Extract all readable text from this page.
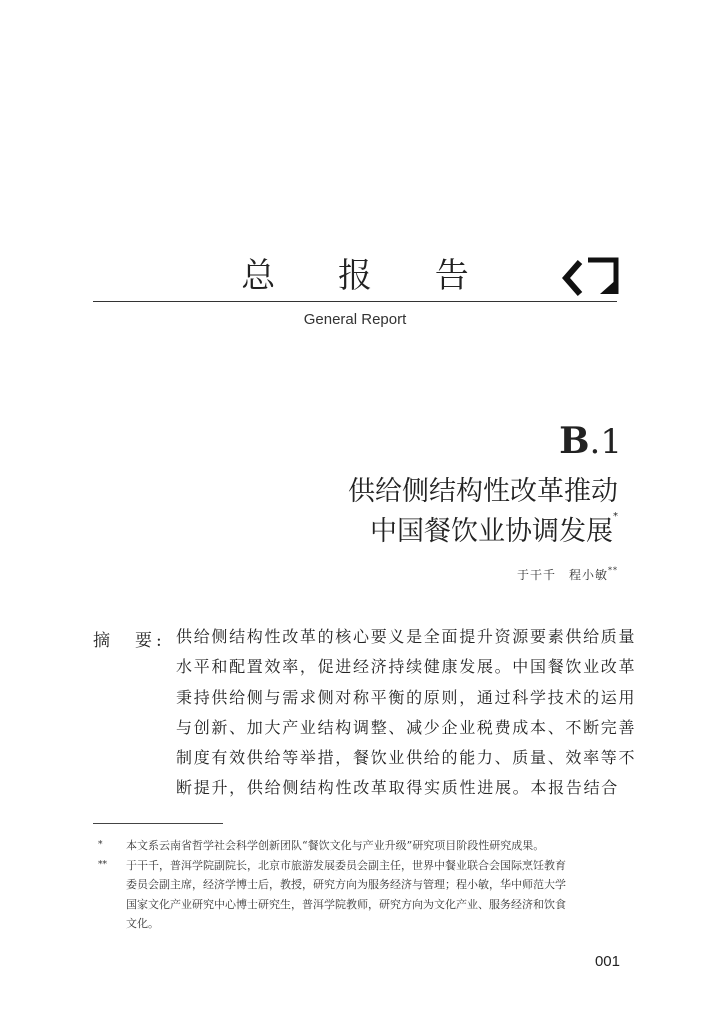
总 报 告
General Report
B.1
供给侧结构性改革推动
中国餐饮业协调发展*
于干千　程小敏**
摘　要: 供给侧结构性改革的核心要义是全面提升资源要素供给质量
水平和配置效率，促进经济持续健康发展。中国餐饮业改革
秉持供给侧与需求侧对称平衡的原则，通过科学技术的运用
与创新、加大产业结构调整、减少企业税费成本、不断完善
制度有效供给等举措，餐饮业供给的能力、质量、效率等不
断提升，供给侧结构性改革取得实质性进展。本报告结合
* 本文系云南省哲学社会科学创新团队“餐饮文化与产业升级”研究项目阶段性研究成果。
** 于干千，普洱学院副院长，北京市旅游发展委员会副主任，世界中餐业联合会国际烹饪教育
委员会副主席，经济学博士后，教授，研究方向为服务经济与管理；程小敏，华中师范大学
国家文化产业研究中心博士研究生，普洱学院教师，研究方向为文化产业、服务经济和饮食
文化。
001
